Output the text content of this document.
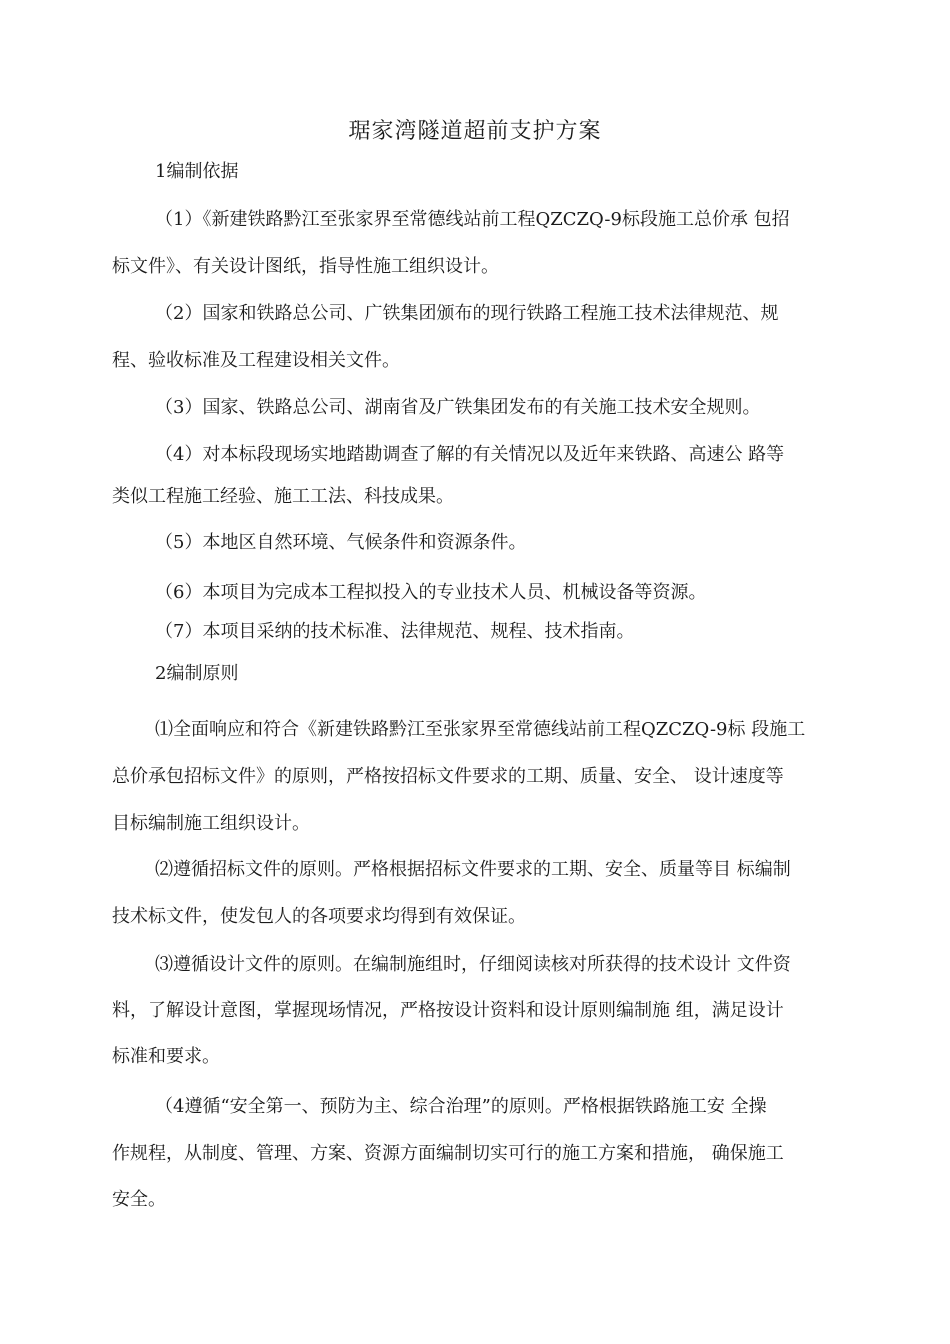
琚家湾隧道超前支护方案
1编制依据
（1）《新建铁路黔江至张家界至常德线站前工程QZCZQ-9标段施工总价承 包招
标文件》、有关设计图纸，指导性施工组织设计。
（2）国家和铁路总公司、广铁集团颁布的现行铁路工程施工技术法律规范、规
程、验收标准及工程建设相关文件。
（3）国家、铁路总公司、湖南省及广铁集团发布的有关施工技术安全规则。
（4）对本标段现场实地踏勘调查了解的有关情况以及近年来铁路、高速公 路等
类似工程施工经验、施工工法、科技成果。
（5）本地区自然环境、气候条件和资源条件。
（6）本项目为完成本工程拟投入的专业技术人员、机械设备等资源。
（7）本项目采纳的技术标准、法律规范、规程、技术指南。
2编制原则
⑴全面响应和符合《新建铁路黔江至张家界至常德线站前工程QZCZQ-9标 段施工
总价承包招标文件》的原则，严格按招标文件要求的工期、质量、安全、 设计速度等
目标编制施工组织设计。
⑵遵循招标文件的原则。严格根据招标文件要求的工期、安全、质量等目 标编制
技术标文件，使发包人的各项要求均得到有效保证。
⑶遵循设计文件的原则。在编制施组时，仔细阅读核对所获得的技术设计 文件资
料，了解设计意图，掌握现场情况，严格按设计资料和设计原则编制施 组，满足设计
标准和要求。
（4遵循“安全第一、预防为主、综合治理”的原则。严格根据铁路施工安 全操
作规程，从制度、管理、方案、资源方面编制切实可行的施工方案和措施， 确保施工
安全。
